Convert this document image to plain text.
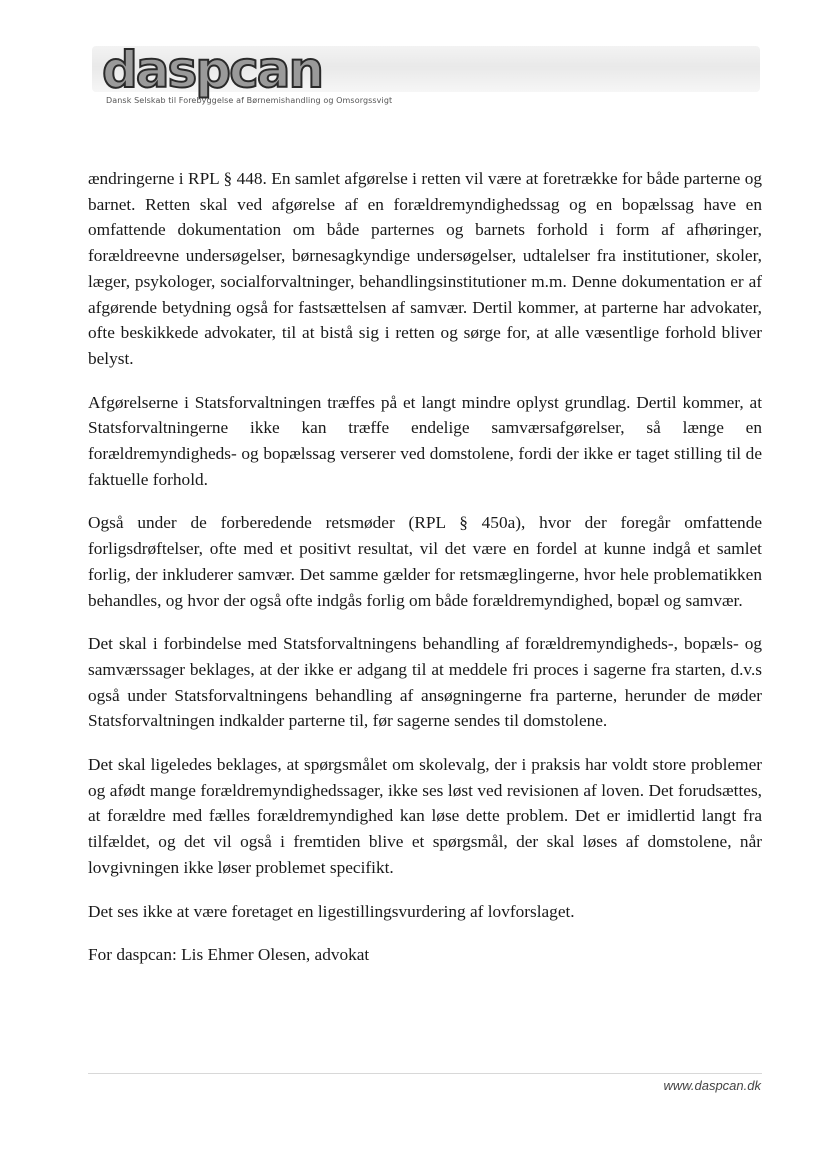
daspcan
Dansk Selskab til Forebyggelse af Børnemishandling og Omsorgssvigt

ændringerne i RPL § 448. En samlet afgørelse i retten vil være at foretrække for både parterne og barnet. Retten skal ved afgørelse af en forældremyndighedssag og en bopælssag have en omfattende dokumentation om både parternes og barnets forhold i form af afhøringer, forældreevne undersøgelser, børnesagkyndige undersøgelser, udtalelser fra institutioner, skoler, læger, psykologer, socialforvaltninger, behandlingsinstitutioner m.m. Denne dokumentation er af afgørende betydning også for fastsættelsen af samvær. Dertil kommer, at parterne har advokater, ofte beskikkede advokater, til at bistå sig i retten og sørge for, at alle væsentlige forhold bliver belyst.

Afgørelserne i Statsforvaltningen træffes på et langt mindre oplyst grundlag. Dertil kommer, at Statsforvaltningerne ikke kan træffe endelige samværsafgørelser, så længe en forældremyndigheds- og bopælssag verserer ved domstolene, fordi der ikke er taget stilling til de faktuelle forhold.

Også under de forberedende retsmøder (RPL § 450a), hvor der foregår omfattende forligsdrøftelser, ofte med et positivt resultat, vil det være en fordel at kunne indgå et samlet forlig, der inkluderer samvær. Det samme gælder for retsmæglingerne, hvor hele problematikken behandles, og hvor der også ofte indgås forlig om både forældremyndighed, bopæl og samvær.

Det skal i forbindelse med Statsforvaltningens behandling af forældremyndigheds-, bopæls- og samværssager beklages, at der ikke er adgang til at meddele fri proces i sagerne fra starten, d.v.s også under Statsforvaltningens behandling af ansøgningerne fra parterne, herunder de møder Statsforvaltningen indkalder parterne til, før sagerne sendes til domstolene.

Det skal ligeledes beklages, at spørgsmålet om skolevalg, der i praksis har voldt store problemer og afødt mange forældremyndighedssager, ikke ses løst ved revisionen af loven. Det forudsættes, at forældre med fælles forældremyndighed kan løse dette problem. Det er imidlertid langt fra tilfældet, og det vil også i fremtiden blive et spørgsmål, der skal løses af domstolene, når lovgivningen ikke løser problemet specifikt.

Det ses ikke at være foretaget en ligestillingsvurdering af lovforslaget.

For daspcan: Lis Ehmer Olesen, advokat

www.daspcan.dk
